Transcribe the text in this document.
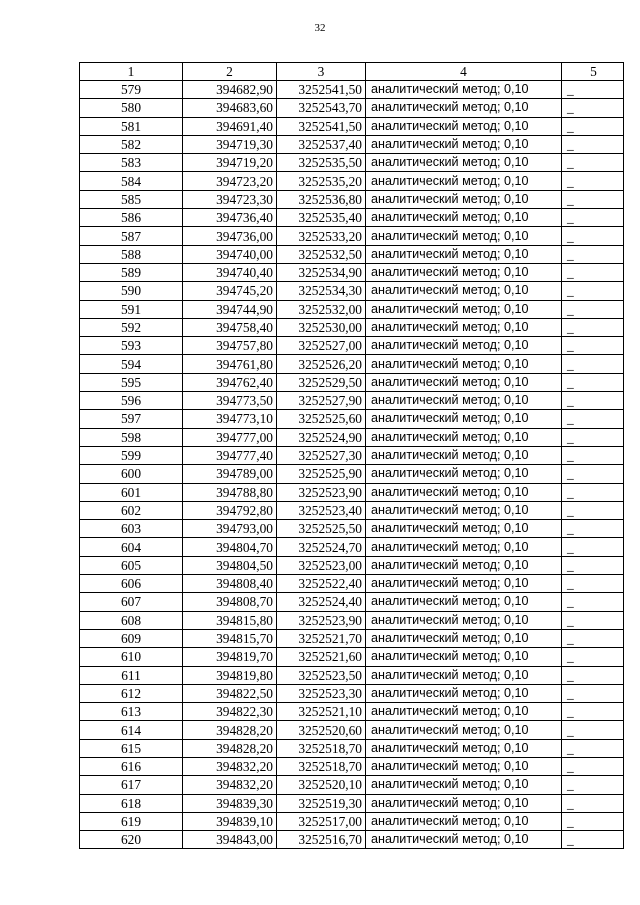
32
1	2	3	4	5
579	394682,90	3252541,50	аналитический метод; 0,10	_
580	394683,60	3252543,70	аналитический метод; 0,10	_
581	394691,40	3252541,50	аналитический метод; 0,10	_
582	394719,30	3252537,40	аналитический метод; 0,10	_
583	394719,20	3252535,50	аналитический метод; 0,10	_
584	394723,20	3252535,20	аналитический метод; 0,10	_
585	394723,30	3252536,80	аналитический метод; 0,10	_
586	394736,40	3252535,40	аналитический метод; 0,10	_
587	394736,00	3252533,20	аналитический метод; 0,10	_
588	394740,00	3252532,50	аналитический метод; 0,10	_
589	394740,40	3252534,90	аналитический метод; 0,10	_
590	394745,20	3252534,30	аналитический метод; 0,10	_
591	394744,90	3252532,00	аналитический метод; 0,10	_
592	394758,40	3252530,00	аналитический метод; 0,10	_
593	394757,80	3252527,00	аналитический метод; 0,10	_
594	394761,80	3252526,20	аналитический метод; 0,10	_
595	394762,40	3252529,50	аналитический метод; 0,10	_
596	394773,50	3252527,90	аналитический метод; 0,10	_
597	394773,10	3252525,60	аналитический метод; 0,10	_
598	394777,00	3252524,90	аналитический метод; 0,10	_
599	394777,40	3252527,30	аналитический метод; 0,10	_
600	394789,00	3252525,90	аналитический метод; 0,10	_
601	394788,80	3252523,90	аналитический метод; 0,10	_
602	394792,80	3252523,40	аналитический метод; 0,10	_
603	394793,00	3252525,50	аналитический метод; 0,10	_
604	394804,70	3252524,70	аналитический метод; 0,10	_
605	394804,50	3252523,00	аналитический метод; 0,10	_
606	394808,40	3252522,40	аналитический метод; 0,10	_
607	394808,70	3252524,40	аналитический метод; 0,10	_
608	394815,80	3252523,90	аналитический метод; 0,10	_
609	394815,70	3252521,70	аналитический метод; 0,10	_
610	394819,70	3252521,60	аналитический метод; 0,10	_
611	394819,80	3252523,50	аналитический метод; 0,10	_
612	394822,50	3252523,30	аналитический метод; 0,10	_
613	394822,30	3252521,10	аналитический метод; 0,10	_
614	394828,20	3252520,60	аналитический метод; 0,10	_
615	394828,20	3252518,70	аналитический метод; 0,10	_
616	394832,20	3252518,70	аналитический метод; 0,10	_
617	394832,20	3252520,10	аналитический метод; 0,10	_
618	394839,30	3252519,30	аналитический метод; 0,10	_
619	394839,10	3252517,00	аналитический метод; 0,10	_
620	394843,00	3252516,70	аналитический метод; 0,10	_
